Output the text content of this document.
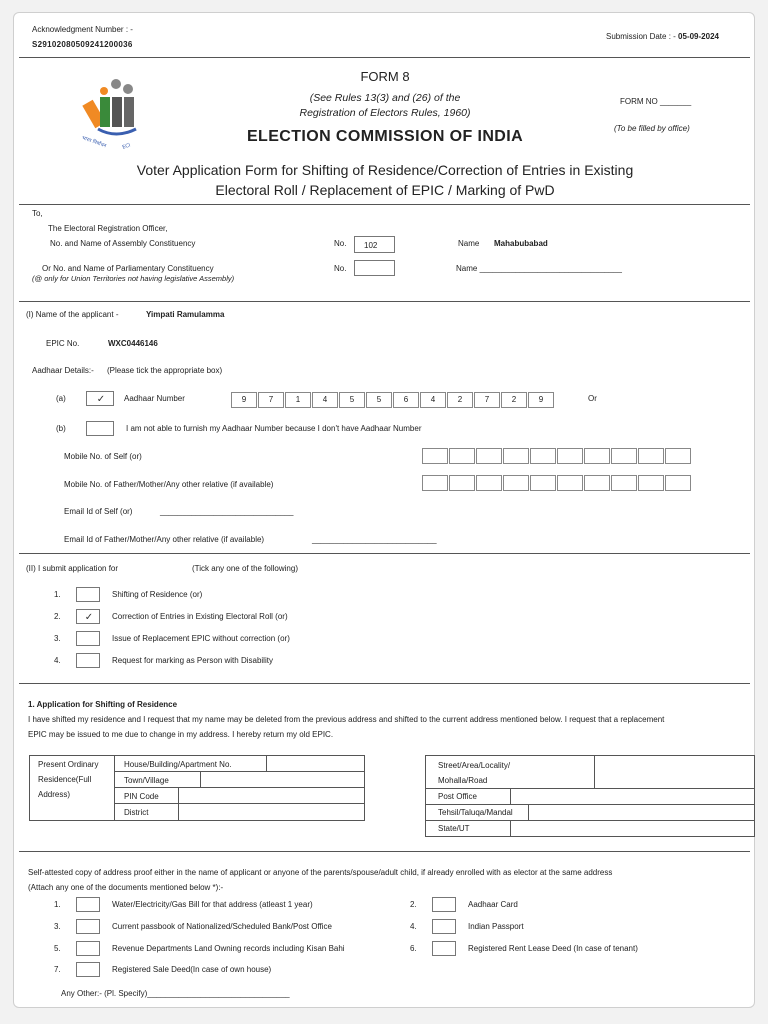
Acknowledgment Number : -
S29102080509241200036
Submission Date : - 05-09-2024
भारत निर्वाचन	ECI
FORM 8
(See Rules 13(3) and (26) of the
Registration of Electors Rules, 1960)
ELECTION COMMISSION OF INDIA
FORM NO _______
(To be filled by office)
Voter Application Form for Shifting of Residence/Correction of Entries in Existing
Electoral Roll / Replacement of EPIC / Marking of PwD
To,
The Electoral Registration Officer,
No. and Name of Assembly Constituency	No.	102	Name Mahabubabad
Or No. and Name of Parliamentary Constituency
(@ only for Union Territories not having legislative Assembly)
No.	Name ________________________________
(I) Name of the applicant -	Yimpati Ramulamma
EPIC No.	WXC0446146
Aadhaar Details:- (Please tick the appropriate box)
(a)	✓	Aadhaar Number	9	7	1	4	5	5	6	4	2	7	2	9	Or
(b)	I am not able to furnish my Aadhaar Number because I don't have Aadhaar Number
Mobile No. of Self (or)
Mobile No. of Father/Mother/Any other relative (if available)
Email Id of Self (or)	______________________________
Email Id of Father/Mother/Any other relative (if available)	____________________________
(II) I submit application for	(Tick any one of the following)
1. Application for Shifting of Residence
I have shifted my residence and I request that my name may be deleted from the previous address and shifted to the current address mentioned below. I request that a replacement
EPIC may be issued to me due to change in my address. I hereby return my old EPIC.
Present Ordinary
Residence(Full
Address)
House/Building/Apartment No.
Town/Village
PIN Code
District
Street/Area/Locality/
Mohalla/Road
Post Office
Tehsil/Taluqa/Mandal
State/UT
Self-attested copy of address proof either in the name of applicant or anyone of the parents/spouse/adult child, if already enrolled with as elector at the same address
(Attach any one of the documents mentioned below *):-
Any Other:- (Pl. Specify)________________________________
1.	Shifting of Residence (or)
2.	✓	Correction of Entries in Existing Electoral Roll (or)
3.	Issue of Replacement EPIC without correction (or)
4.	Request for marking as Person with Disability
1.	Water/Electricity/Gas Bill for that address (atleast 1 year)	2.	Aadhaar Card
3.	Current passbook of Nationalized/Scheduled Bank/Post Office	4.	Indian Passport
5.	Revenue Departments Land Owning records including Kisan Bahi	6.	Registered Rent Lease Deed (In case of tenant)
7.	Registered Sale Deed(In case of own house)
